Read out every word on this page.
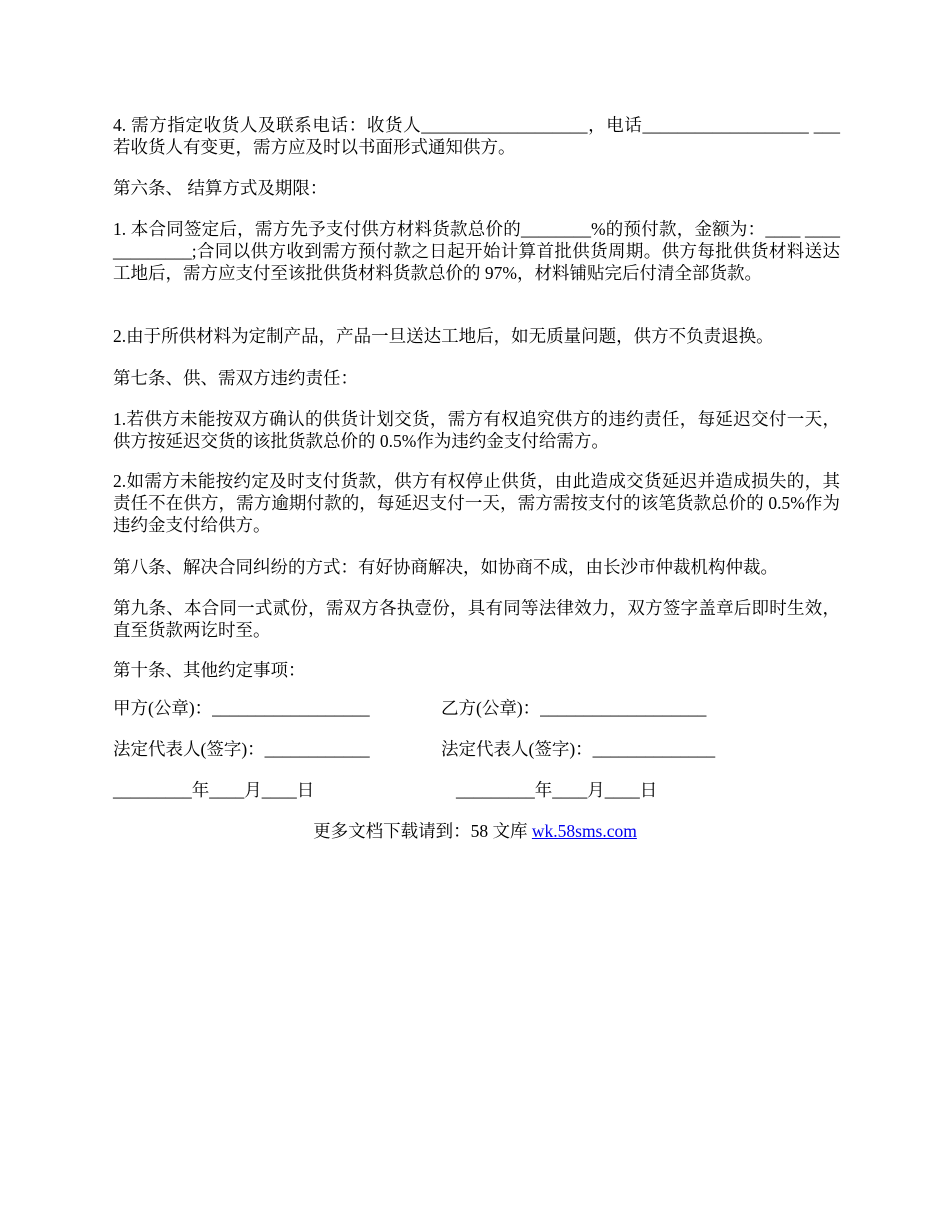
4. 需方指定收货人及联系电话：收货人___________________，电话___________________ ___ 若收货人有变更，需方应及时以书面形式通知供方。

第六条、 结算方式及期限：

1. 本合同签定后，需方先予支付供方材料货款总价的________%的预付款，金额为：____ _____________;合同以供方收到需方预付款之日起开始计算首批供货周期。供方每批供货材料送达工地后，需方应支付至该批供货材料货款总价的 97%，材料铺贴完后付清全部货款。

2.由于所供材料为定制产品，产品一旦送达工地后，如无质量问题，供方不负责退换。

第七条、供、需双方违约责任：

1.若供方未能按双方确认的供货计划交货，需方有权追究供方的违约责任，每延迟交付一天，供方按延迟交货的该批货款总价的 0.5%作为违约金支付给需方。

2.如需方未能按约定及时支付货款，供方有权停止供货，由此造成交货延迟并造成损失的，其责任不在供方，需方逾期付款的，每延迟支付一天，需方需按支付的该笔货款总价的 0.5%作为违约金支付给供方。

第八条、解决合同纠纷的方式：有好协商解决，如协商不成，由长沙市仲裁机构仲裁。

第九条、本合同一式贰份，需双方各执壹份，具有同等法律效力，双方签字盖章后即时生效，直至货款两讫时至。

第十条、其他约定事项：

甲方(公章)：__________________	乙方(公章)：___________________
法定代表人(签字)：____________	法定代表人(签字)：______________
_________年____月____日	_________年____月____日
更多文档下载请到：58 文库 wk.58sms.com
